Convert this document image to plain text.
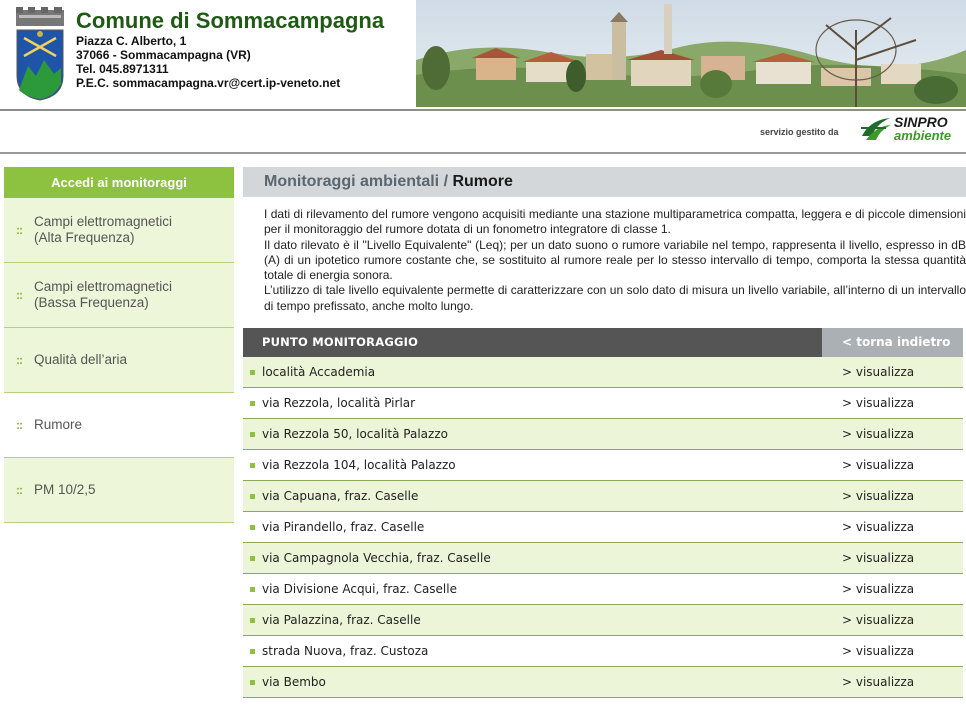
Comune di Sommacampagna
Piazza C. Alberto, 1
37066 - Sommacampagna (VR)
Tel. 045.8971311
P.E.C. sommacampagna.vr@cert.ip-veneto.net
servizio gestito da
SINPRO
ambiente
Accedi ai monitoraggi
::
Campi elettromagnetici
(Alta Frequenza)
::
Campi elettromagnetici
(Bassa Frequenza)
:: Qualità dell’aria
:: Rumore
:: PM 10/2,5
Monitoraggi ambientali / Rumore

I dati di rilevamento del rumore vengono acquisiti mediante una stazione multiparametrica compatta, leggera e di piccole dimensioni per il monitoraggio del rumore dotata di un fonometro integratore di classe 1.

Il dato rilevato è il "Livello Equivalente" (Leq); per un dato suono o rumore variabile nel tempo, rappresenta il livello, espresso in dB (A) di un ipotetico rumore costante che, se sostituito al rumore reale per lo stesso intervallo di tempo, comporta la stessa quantità totale di energia sonora.

L’utilizzo di tale livello equivalente permette di caratterizzare con un solo dato di misura un livello variabile, all’interno di un intervallo di tempo prefissato, anche molto lungo.

PUNTO MONITORAGGIO	< torna indietro
località Accademia	> visualizza
via Rezzola, località Pirlar	> visualizza
via Rezzola 50, località Palazzo	> visualizza
via Rezzola 104, località Palazzo	> visualizza
via Capuana, fraz. Caselle	> visualizza
via Pirandello, fraz. Caselle	> visualizza
via Campagnola Vecchia, fraz. Caselle	> visualizza
via Divisione Acqui, fraz. Caselle	> visualizza
via Palazzina, fraz. Caselle	> visualizza
strada Nuova, fraz. Custoza	> visualizza
via Bembo	> visualizza
